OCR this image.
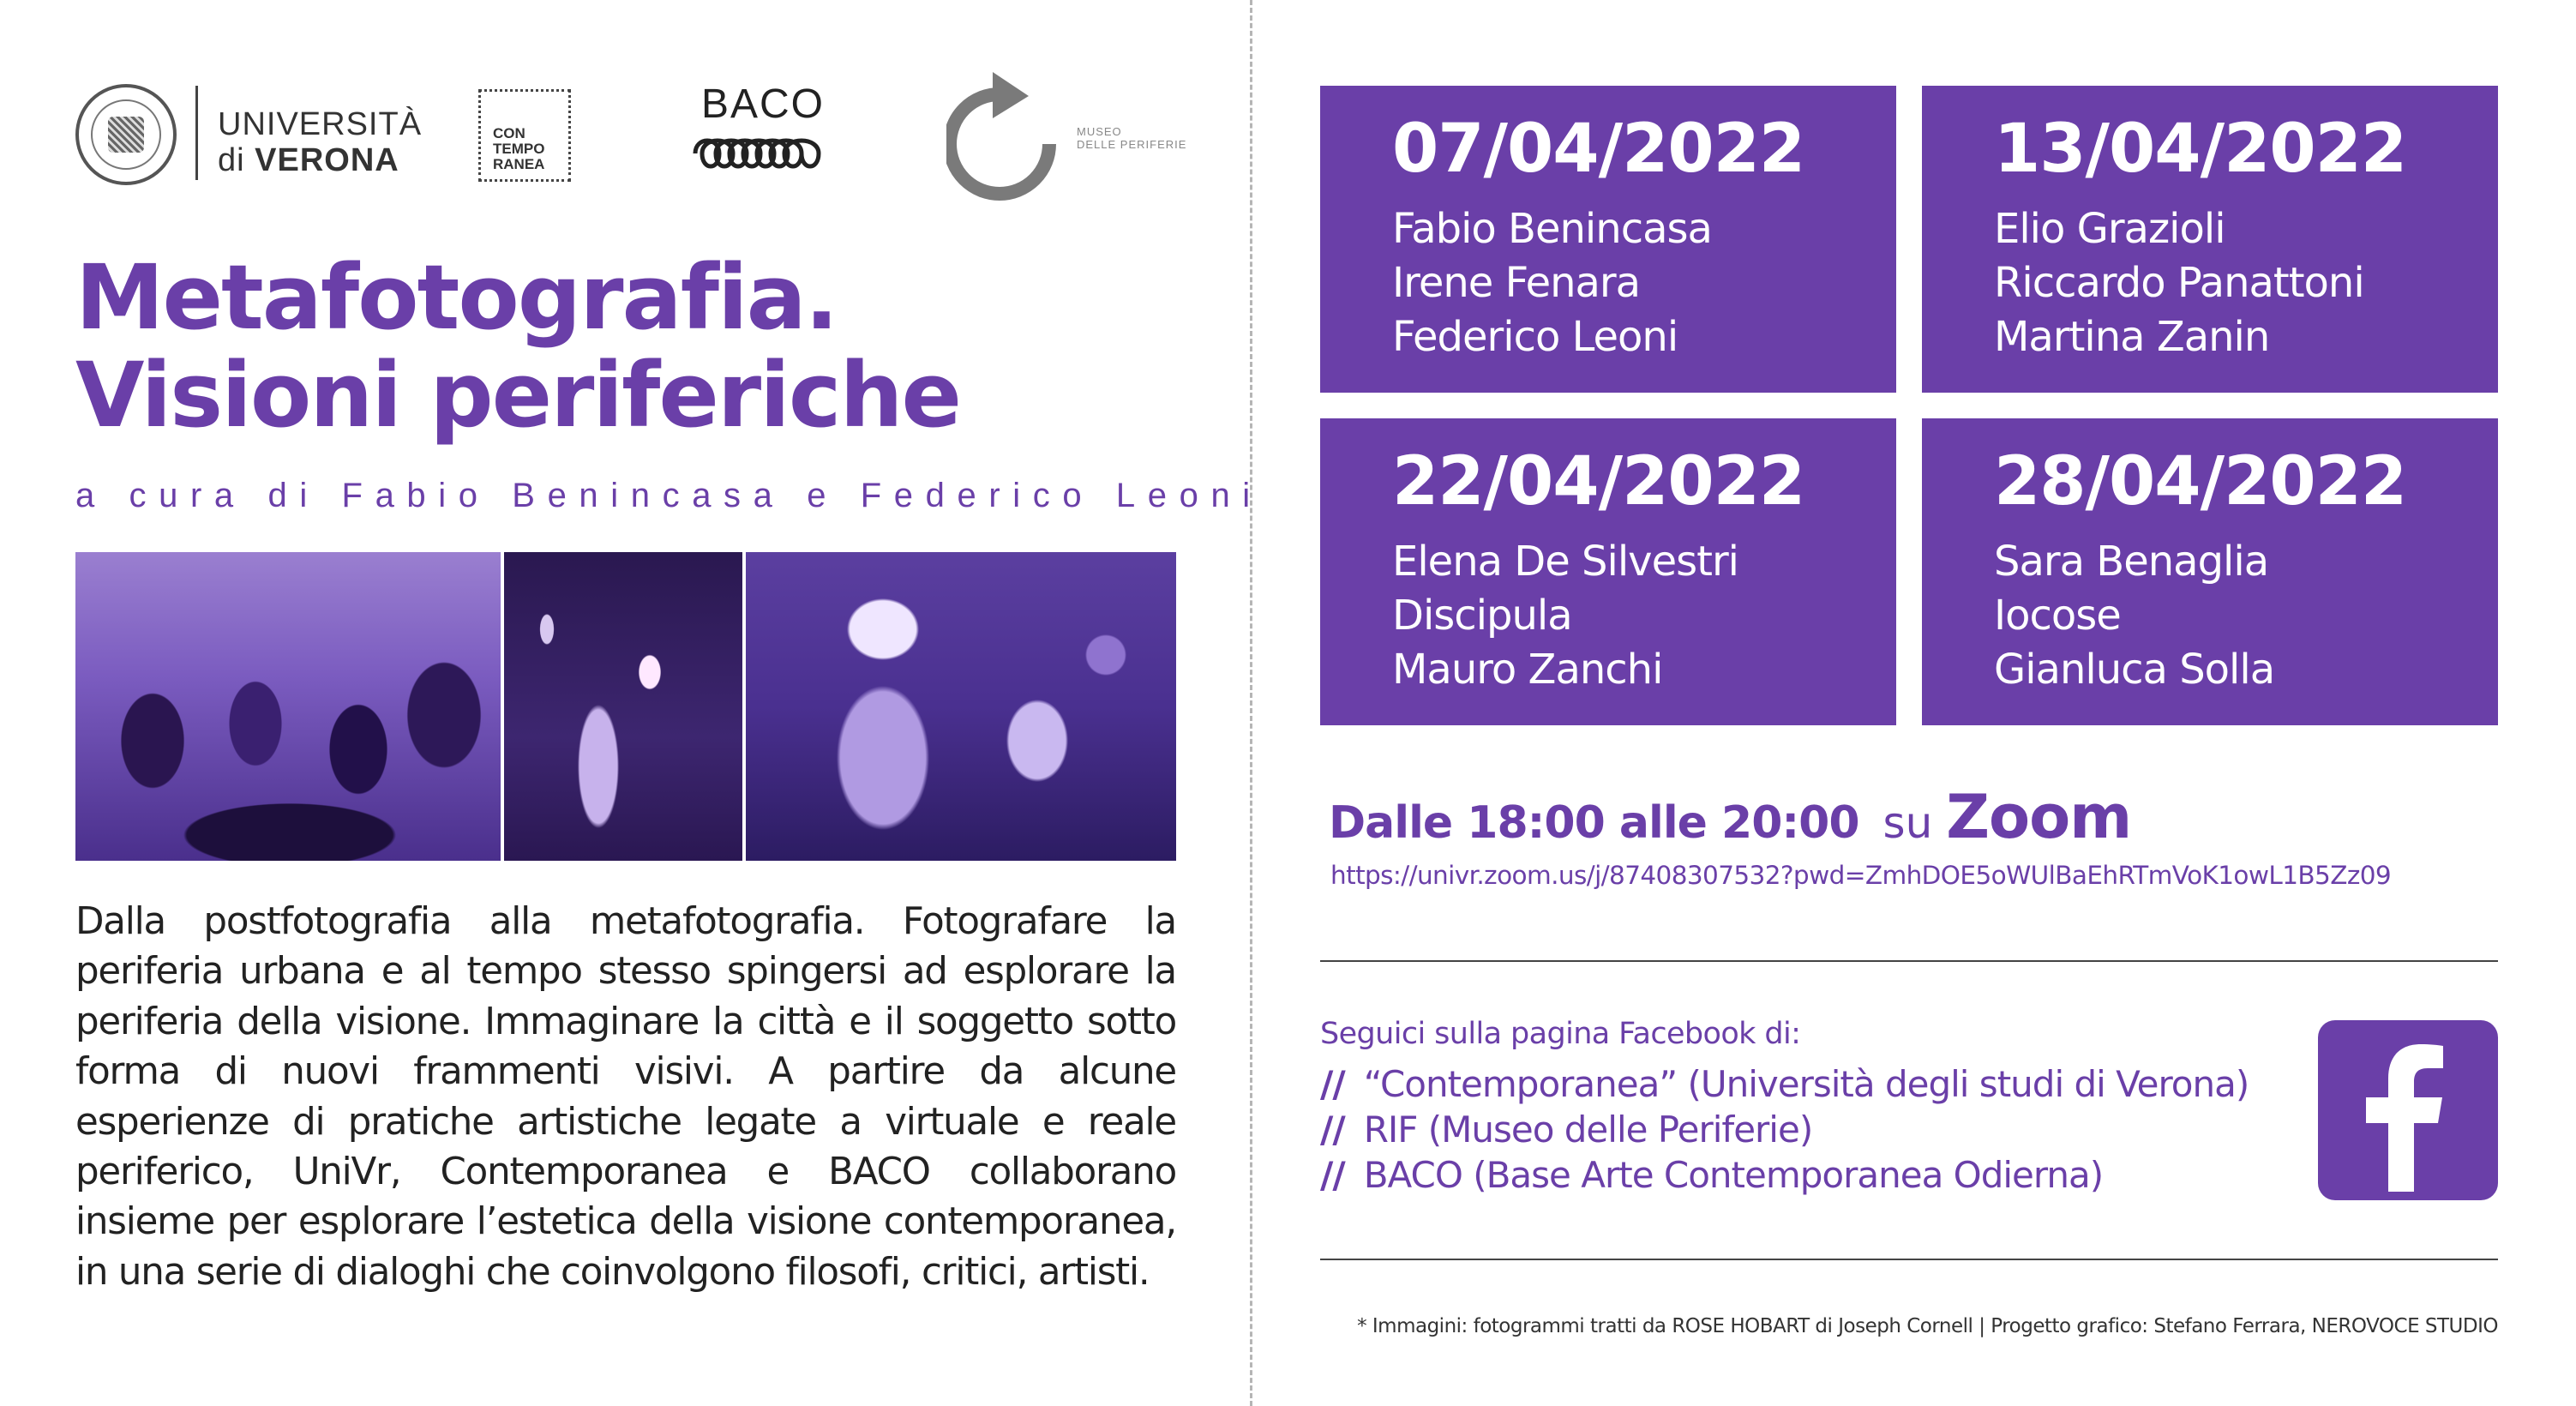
UNIVERSITÀ
di VERONA
CON
TEMPO
RANEA
BACO
MUSEO
DELLE PERIFERIE
Metafotografia.
Visioni periferiche
a cura di Fabio Benincasa e Federico Leoni
Dalla postfotografia alla metafotografia. Fotografare la periferia urbana e al tempo stesso spingersi ad esplorare la periferia della visione. Immaginare la città e il soggetto sotto forma di nuovi frammenti visivi. A partire da alcune esperienze di pratiche artistiche legate a virtuale e reale periferico, UniVr, Contemporanea e BACO collaborano insieme per esplorare l’estetica della visione contemporanea, in una serie di dialoghi che coinvolgono filosofi, critici, artisti.
07/04/2022
Fabio Benincasa
Irene Fenara
Federico Leoni
13/04/2022
Elio Grazioli
Riccardo Panattoni
Martina Zanin
22/04/2022
Elena De Silvestri
Discipula
Mauro Zanchi
28/04/2022
Sara Benaglia
Iocose
Gianluca Solla
Dalle 18:00 alle 20:00 su Zoom
https://univr.zoom.us/j/87408307532?pwd=ZmhDOE5oWUlBaEhRTmVoK1owL1B5Zz09
Seguici sulla pagina Facebook di:
// “Contemporanea” (Università degli studi di Verona)
// RIF (Museo delle Periferie)
// BACO (Base Arte Contemporanea Odierna)
* Immagini: fotogrammi tratti da ROSE HOBART di Joseph Cornell | Progetto grafico: Stefano Ferrara, NEROVOCE STUDIO
